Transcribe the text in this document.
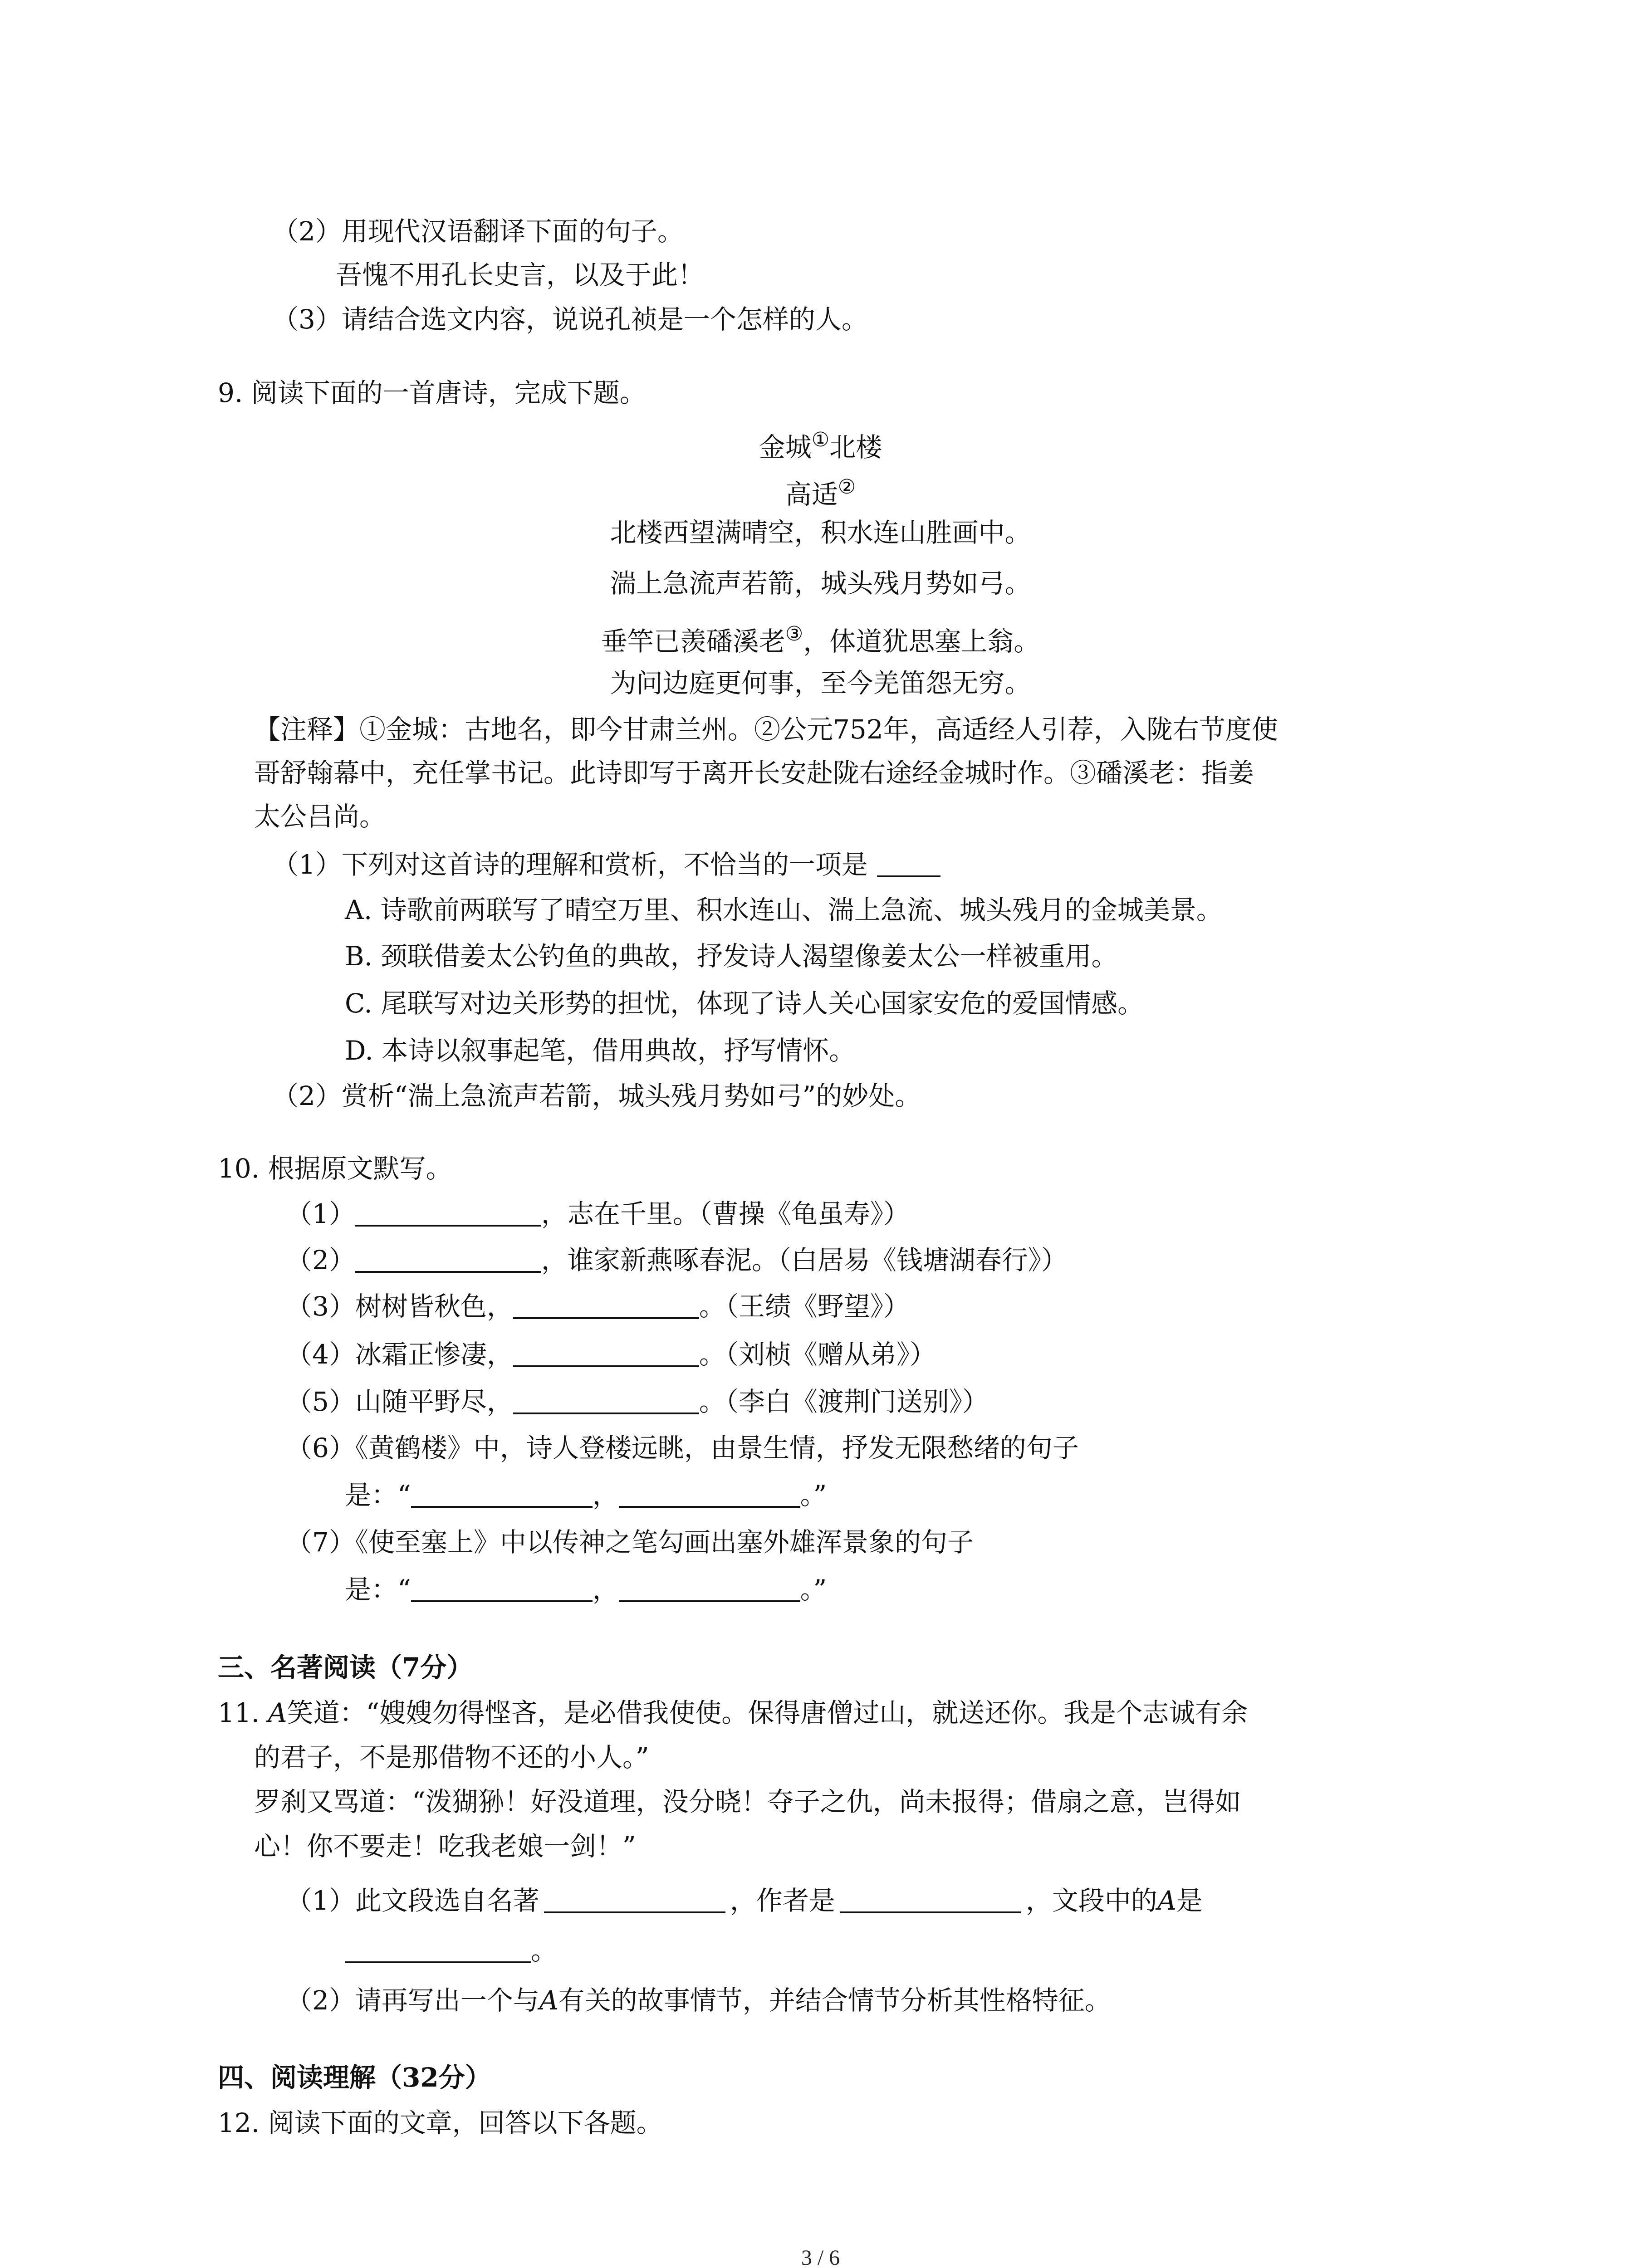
（2）用现代汉语翻译下面的句子。
吾愧不用孔长史言，以及于此！
（3）请结合选文内容，说说孔祯是一个怎样的人。
9. 阅读下面的一首唐诗，完成下题。
金城①北楼
高适②
北楼西望满晴空，积水连山胜画中。
湍上急流声若箭，城头残月势如弓。
垂竿已羡磻溪老③，体道犹思塞上翁。
为问边庭更何事，至今羌笛怨无穷。
【注释】①金城：古地名，即今甘肃兰州。②公元752年，高适经人引荐，入陇右节度使
哥舒翰幕中，充任掌书记。此诗即写于离开长安赴陇右途经金城时作。③磻溪老：指姜
太公吕尚。
（1）下列对这首诗的理解和赏析，不恰当的一项是
A. 诗歌前两联写了晴空万里、积水连山、湍上急流、城头残月的金城美景。
B. 颈联借姜太公钓鱼的典故，抒发诗人渴望像姜太公一样被重用。
C. 尾联写对边关形势的担忧，体现了诗人关心国家安危的爱国情感。
D. 本诗以叙事起笔，借用典故，抒写情怀。
（2）赏析“湍上急流声若箭，城头残月势如弓”的妙处。
10. 根据原文默写。
（1）	，志在千里。（曹操《龟虽寿》）
（2）	，谁家新燕啄春泥。（白居易《钱塘湖春行》）
（3）树树皆秋色，	。（王绩《野望》）
（4）冰霜正惨凄，	。（刘桢《赠从弟》）
（5）山随平野尽，	。（李白《渡荆门送别》）
（6）《黄鹤楼》中，诗人登楼远眺，由景生情，抒发无限愁绪的句子
是：“	，	。”
（7）《使至塞上》中以传神之笔勾画出塞外雄浑景象的句子
是：“	，	。”
三、名著阅读（7分）
11. A笑道：“嫂嫂勿得悭吝，是必借我使使。保得唐僧过山，就送还你。我是个志诚有余
的君子，不是那借物不还的小人。”
罗刹又骂道：“泼猢狲！好没道理，没分晓！夺子之仇，尚未报得；借扇之意，岂得如
心！你不要走！吃我老娘一剑！”
（1）此文段选自名著	，作者是	，文段中的A是
。
（2）请再写出一个与A有关的故事情节，并结合情节分析其性格特征。
四、阅读理解（32分）
12. 阅读下面的文章，回答以下各题。
3 / 6
